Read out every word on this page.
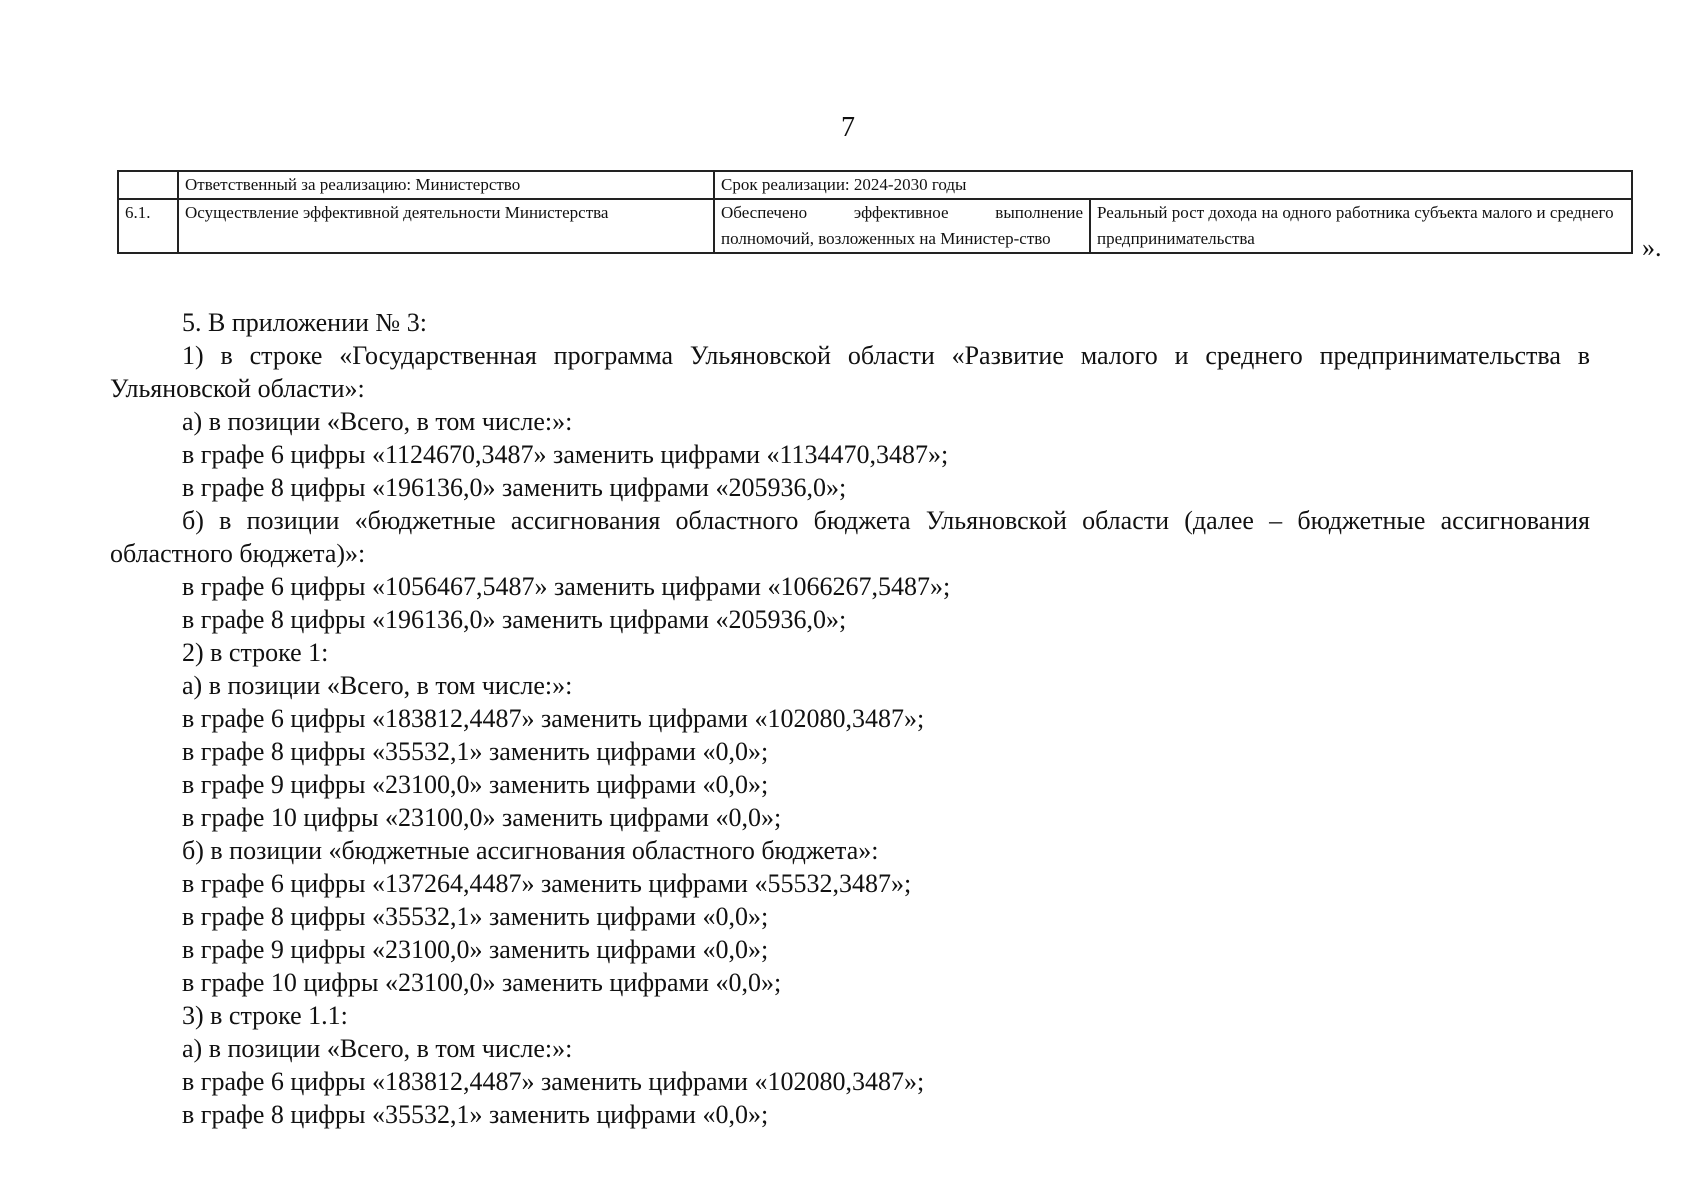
7
	Ответственный за реализацию: Министерство	Срок реализации: 2024-2030 годы	
6.1.	Осуществление эффективной деятельности Министерства	Обеспечено эффективное выполнение полномочий, возложенных на Министер-ство	Реальный рост дохода на одного работника субъекта малого и среднего предпринимательства	».

5. В приложении № 3:

1) в строке «Государственная программа Ульяновской области «Развитие малого и среднего предпринимательства в Ульяновской области»:

а) в позиции «Всего, в том числе:»:

в графе 6 цифры «1124670,3487» заменить цифрами «1134470,3487»;

в графе 8 цифры «196136,0» заменить цифрами «205936,0»;

б) в позиции «бюджетные ассигнования областного бюджета Ульяновской области (далее – бюджетные ассигнования областного бюджета)»:

в графе 6 цифры «1056467,5487» заменить цифрами «1066267,5487»;

в графе 8 цифры «196136,0» заменить цифрами «205936,0»;

2) в строке 1:

а) в позиции «Всего, в том числе:»:

в графе 6 цифры «183812,4487» заменить цифрами «102080,3487»;

в графе 8 цифры «35532,1» заменить цифрами «0,0»;

в графе 9 цифры «23100,0» заменить цифрами «0,0»;

в графе 10 цифры «23100,0» заменить цифрами «0,0»;

б) в позиции «бюджетные ассигнования областного бюджета»:

в графе 6 цифры «137264,4487» заменить цифрами «55532,3487»;

в графе 8 цифры «35532,1» заменить цифрами «0,0»;

в графе 9 цифры «23100,0» заменить цифрами «0,0»;

в графе 10 цифры «23100,0» заменить цифрами «0,0»;

3) в строке 1.1:

а) в позиции «Всего, в том числе:»:

в графе 6 цифры «183812,4487» заменить цифрами «102080,3487»;

в графе 8 цифры «35532,1» заменить цифрами «0,0»;
